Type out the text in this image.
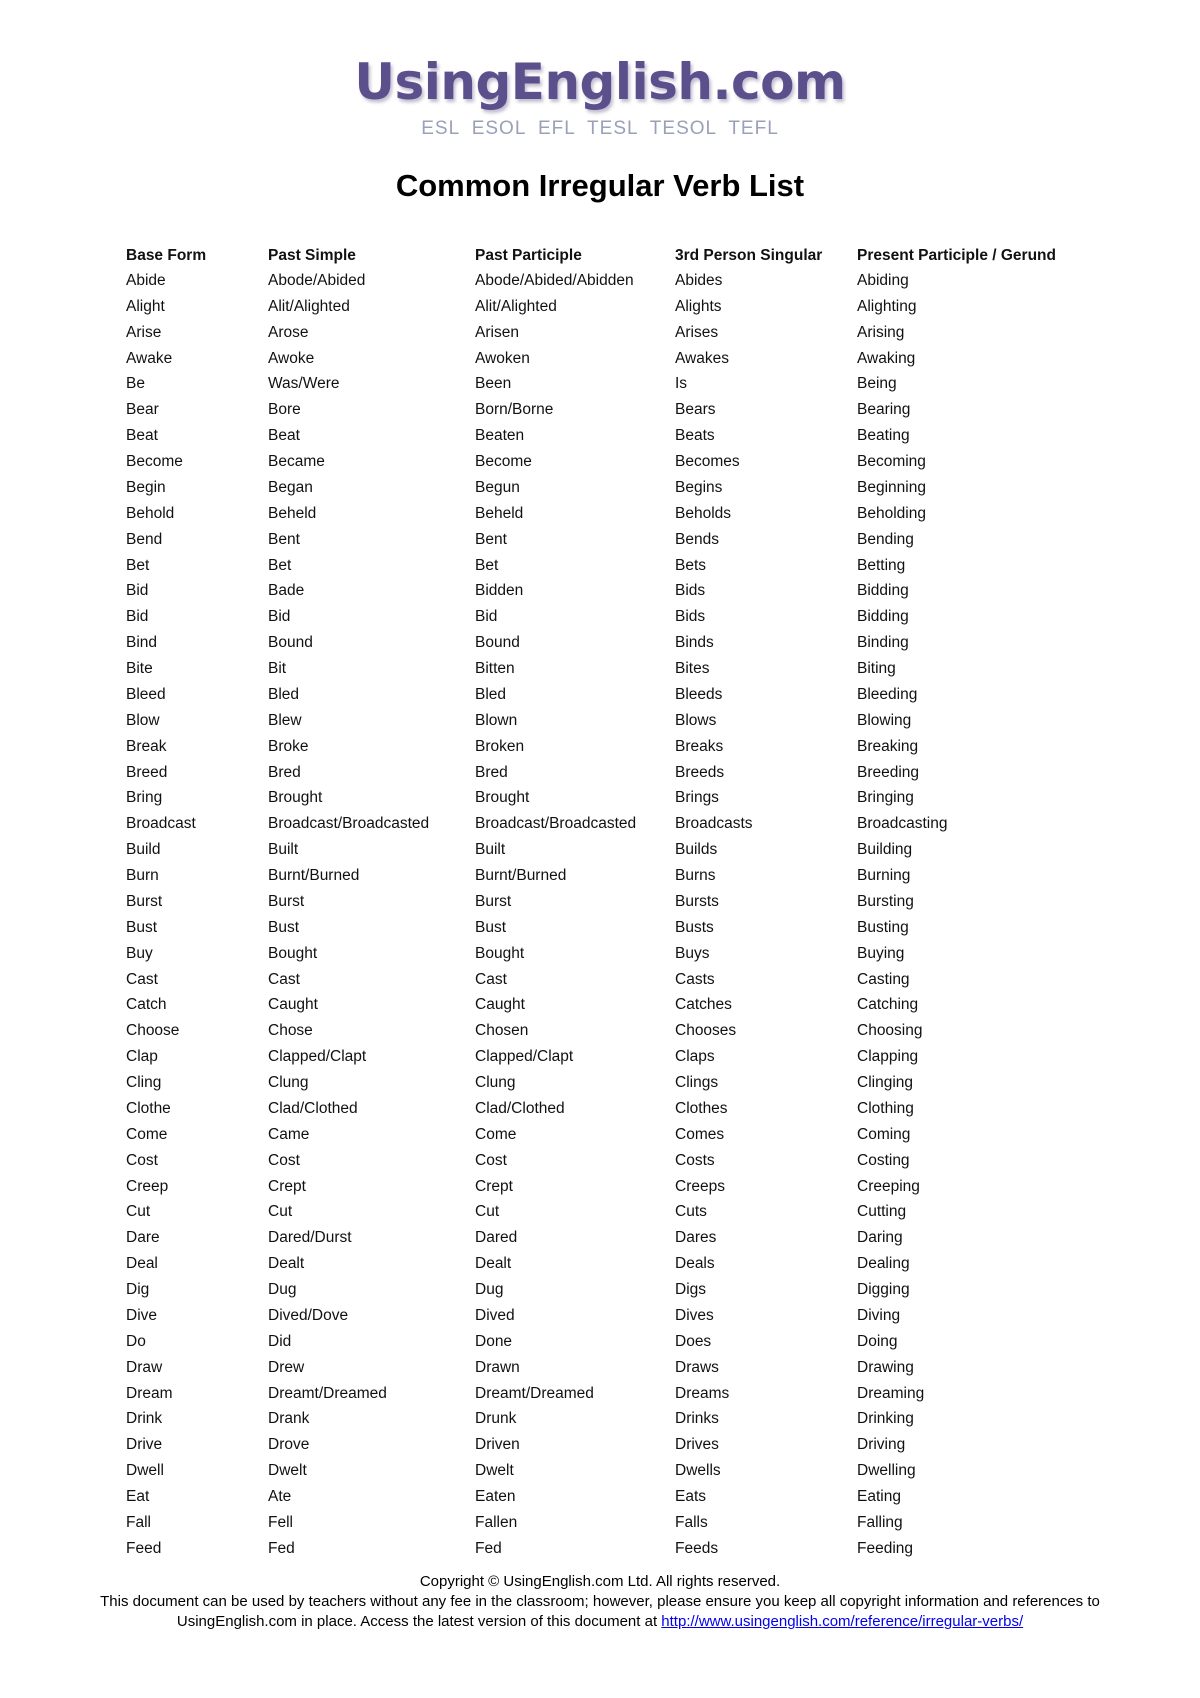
UsingEnglish.com
ESL ESOL EFL TESL TESOL TEFL
Common Irregular Verb List
Base Form	Past Simple	Past Participle	3rd Person Singular	Present Participle / Gerund
Abide	Abode/Abided	Abode/Abided/Abidden	Abides	Abiding
Alight	Alit/Alighted	Alit/Alighted	Alights	Alighting
Arise	Arose	Arisen	Arises	Arising
Awake	Awoke	Awoken	Awakes	Awaking
Be	Was/Were	Been	Is	Being
Bear	Bore	Born/Borne	Bears	Bearing
Beat	Beat	Beaten	Beats	Beating
Become	Became	Become	Becomes	Becoming
Begin	Began	Begun	Begins	Beginning
Behold	Beheld	Beheld	Beholds	Beholding
Bend	Bent	Bent	Bends	Bending
Bet	Bet	Bet	Bets	Betting
Bid	Bade	Bidden	Bids	Bidding
Bid	Bid	Bid	Bids	Bidding
Bind	Bound	Bound	Binds	Binding
Bite	Bit	Bitten	Bites	Biting
Bleed	Bled	Bled	Bleeds	Bleeding
Blow	Blew	Blown	Blows	Blowing
Break	Broke	Broken	Breaks	Breaking
Breed	Bred	Bred	Breeds	Breeding
Bring	Brought	Brought	Brings	Bringing
Broadcast	Broadcast/Broadcasted	Broadcast/Broadcasted	Broadcasts	Broadcasting
Build	Built	Built	Builds	Building
Burn	Burnt/Burned	Burnt/Burned	Burns	Burning
Burst	Burst	Burst	Bursts	Bursting
Bust	Bust	Bust	Busts	Busting
Buy	Bought	Bought	Buys	Buying
Cast	Cast	Cast	Casts	Casting
Catch	Caught	Caught	Catches	Catching
Choose	Chose	Chosen	Chooses	Choosing
Clap	Clapped/Clapt	Clapped/Clapt	Claps	Clapping
Cling	Clung	Clung	Clings	Clinging
Clothe	Clad/Clothed	Clad/Clothed	Clothes	Clothing
Come	Came	Come	Comes	Coming
Cost	Cost	Cost	Costs	Costing
Creep	Crept	Crept	Creeps	Creeping
Cut	Cut	Cut	Cuts	Cutting
Dare	Dared/Durst	Dared	Dares	Daring
Deal	Dealt	Dealt	Deals	Dealing
Dig	Dug	Dug	Digs	Digging
Dive	Dived/Dove	Dived	Dives	Diving
Do	Did	Done	Does	Doing
Draw	Drew	Drawn	Draws	Drawing
Dream	Dreamt/Dreamed	Dreamt/Dreamed	Dreams	Dreaming
Drink	Drank	Drunk	Drinks	Drinking
Drive	Drove	Driven	Drives	Driving
Dwell	Dwelt	Dwelt	Dwells	Dwelling
Eat	Ate	Eaten	Eats	Eating
Fall	Fell	Fallen	Falls	Falling
Feed	Fed	Fed	Feeds	Feeding
Copyright © UsingEnglish.com Ltd. All rights reserved.
This document can be used by teachers without any fee in the classroom; however, please ensure you keep all copyright information and references to
UsingEnglish.com in place. Access the latest version of this document at http://www.usingenglish.com/reference/irregular-verbs/
